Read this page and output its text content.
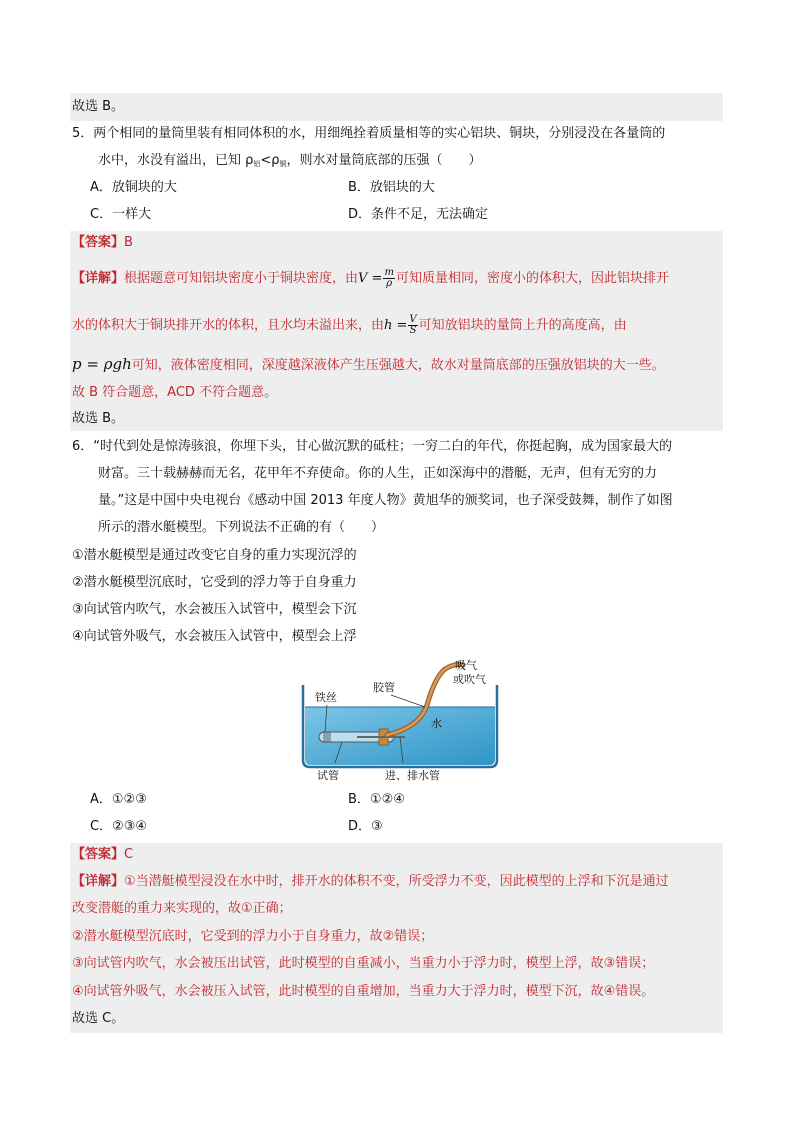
故选 B。
5．两个相同的量筒里装有相同体积的水，用细绳拴着质量相等的实心铝块、铜块，分别浸没在各量筒的
水中，水没有溢出，已知 $\rho_铝<\rho_铜$，则水对量筒底部的压强（　　）
A．放铜块的大	B．放铝块的大
C．一样大	D．条件不足，无法确定
【答案】B
【详解】根据题意可知铝块密度小于铜块密度，由$V = \frac{m}{\rho}$ 可知质量相同，密度小的体积大，因此铝块排开
水的体积大于铜块排开水的体积，且水均未溢出来，由$h = \frac{V}{S}$ 可知放铝块的量筒上升的高度高，由
p = ρgh可知，液体密度相同，深度越深液体产生压强越大，故水对量筒底部的压强放铝块的大一些。
故 B 符合题意，ACD 不符合题意。
故选 B。
6．“时代到处是惊涛骇浪，你埋下头，甘心做沉默的砥柱；一穷二白的年代，你挺起胸，成为国家最大的
财富。三十载赫赫而无名，花甲年不弃使命。你的人生，正如深海中的潜艇，无声，但有无穷的力
量。”这是中国中央电视台《感动中国 2013 年度人物》黄旭华的颁奖词，也子深受鼓舞，制作了如图
所示的潜水艇模型。下列说法不正确的有（　　）
①潜水艇模型是通过改变它自身的重力实现沉浮的
②潜水艇模型沉底时，它受到的浮力等于自身重力
③向试管内吹气，水会被压入试管中，模型会下沉
④向试管外吸气，水会被压入试管中，模型会上浮
铁丝
胶管
吸气
或吹气
水
试管	进、排水管
A．①②③	B．①②④
C．②③④	D．③
【答案】C
【详解】①当潜艇模型浸没在水中时，排开水的体积不变，所受浮力不变，因此模型的上浮和下沉是通过
改变潜艇的重力来实现的，故①正确；
②潜水艇模型沉底时，它受到的浮力小于自身重力，故②错误；
③向试管内吹气，水会被压出试管，此时模型的自重减小，当重力小于浮力时，模型上浮，故③错误；
④向试管外吸气，水会被压入试管，此时模型的自重增加，当重力大于浮力时，模型下沉，故④错误。
故选 C。
